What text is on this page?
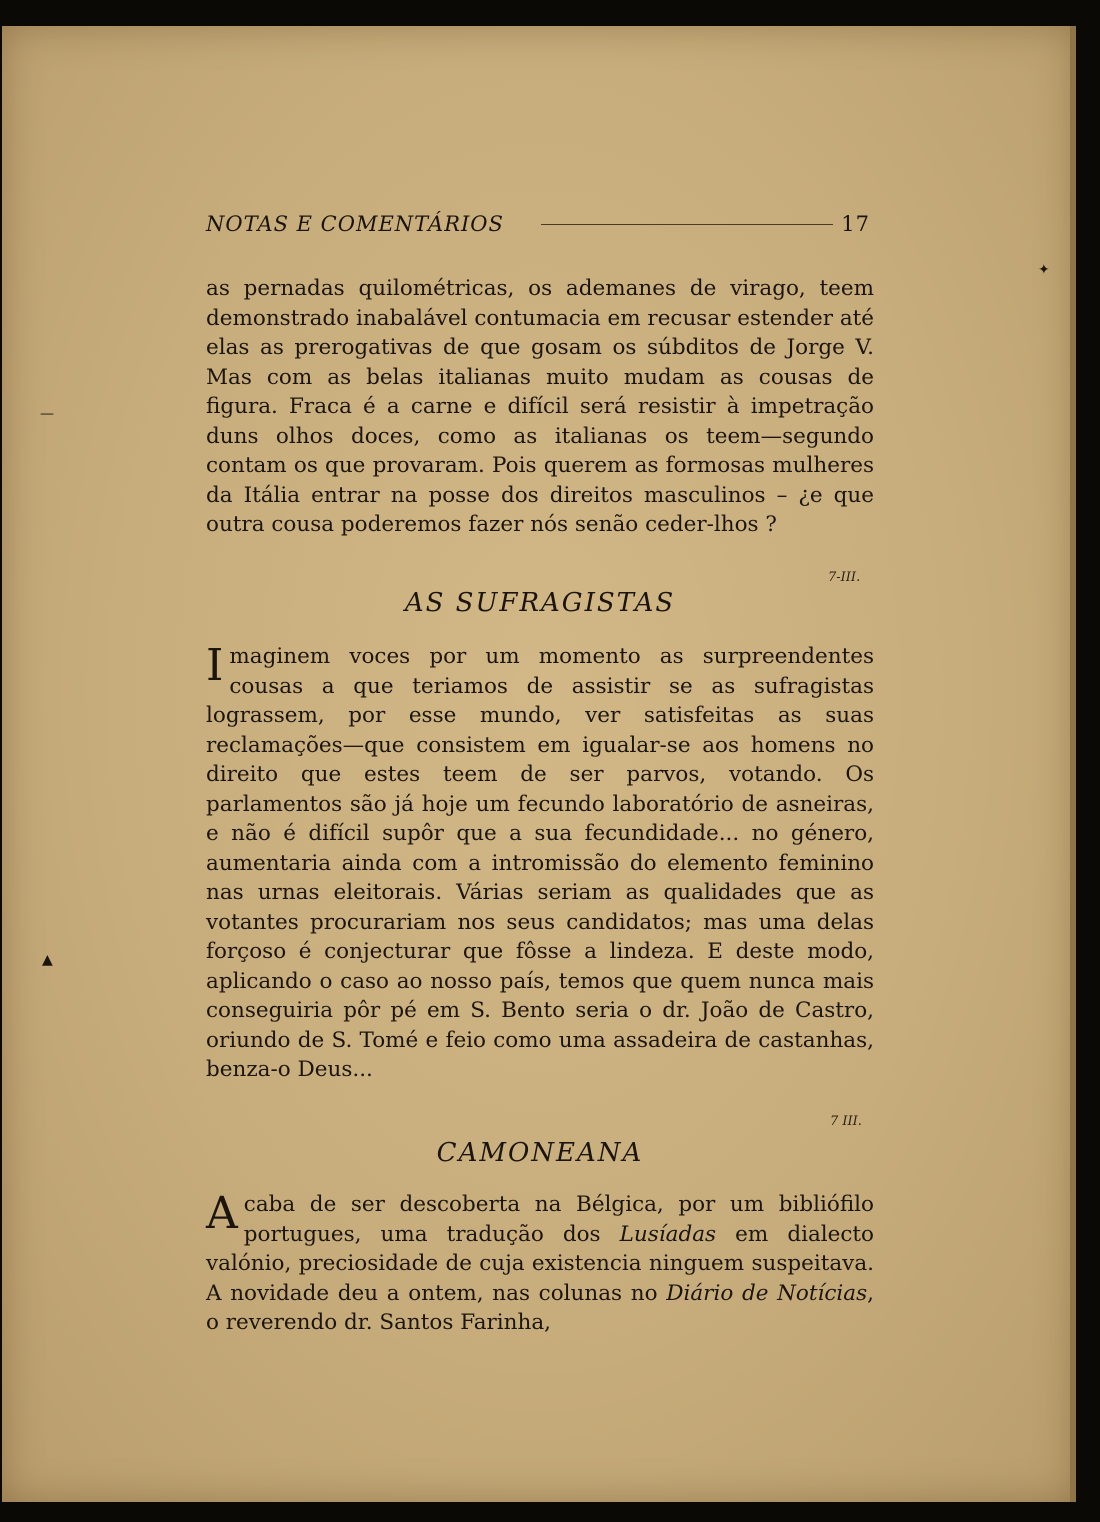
NOTAS E COMENTÁRIOS	17

as pernadas quilométricas, os ademanes de virago, teem demonstrado inabalável contumacia em recusar estender até elas as prerogativas de que gosam os súbditos de Jorge V. Mas com as belas italianas muito mudam as cousas de figura. Fraca é a carne e difícil será resistir à impetração duns olhos doces, como as italianas os teem—segundo contam os que provaram. Pois querem as formosas mulheres da Itália entrar na posse dos direitos masculinos – ¿e que outra cousa poderemos fazer nós senão ceder-lhos ?

7-III.
AS SUFRAGISTAS

Imaginem voces por um momento as surpreendentes cousas a que teriamos de assistir se as sufragistas lograssem, por esse mundo, ver satisfeitas as suas reclamações—que consistem em igualar-se aos homens no direito que estes teem de ser parvos, votando. Os parlamentos são já hoje um fecundo laboratório de asneiras, e não é difícil supôr que a sua fecundidade... no género, aumentaria ainda com a intromissão do elemento feminino nas urnas eleitorais. Várias seriam as qualidades que as votantes procurariam nos seus candidatos; mas uma delas forçoso é conjecturar que fôsse a lindeza. E deste modo, aplicando o caso ao nosso país, temos que quem nunca mais conseguiria pôr pé em S. Bento seria o dr. João de Castro, oriundo de S. Tomé e feio como uma assadeira de castanhas, benza-o Deus...

7 III.
CAMONEANA

Acaba de ser descoberta na Bélgica, por um bibliófilo portugues, uma tradução dos Lusíadas em dialecto valónio, preciosidade de cuja existencia ninguem suspeitava. A novidade deu a ontem, nas colunas no Diário de Notícias, o reverendo dr. Santos Farinha,

✦
—
▲
